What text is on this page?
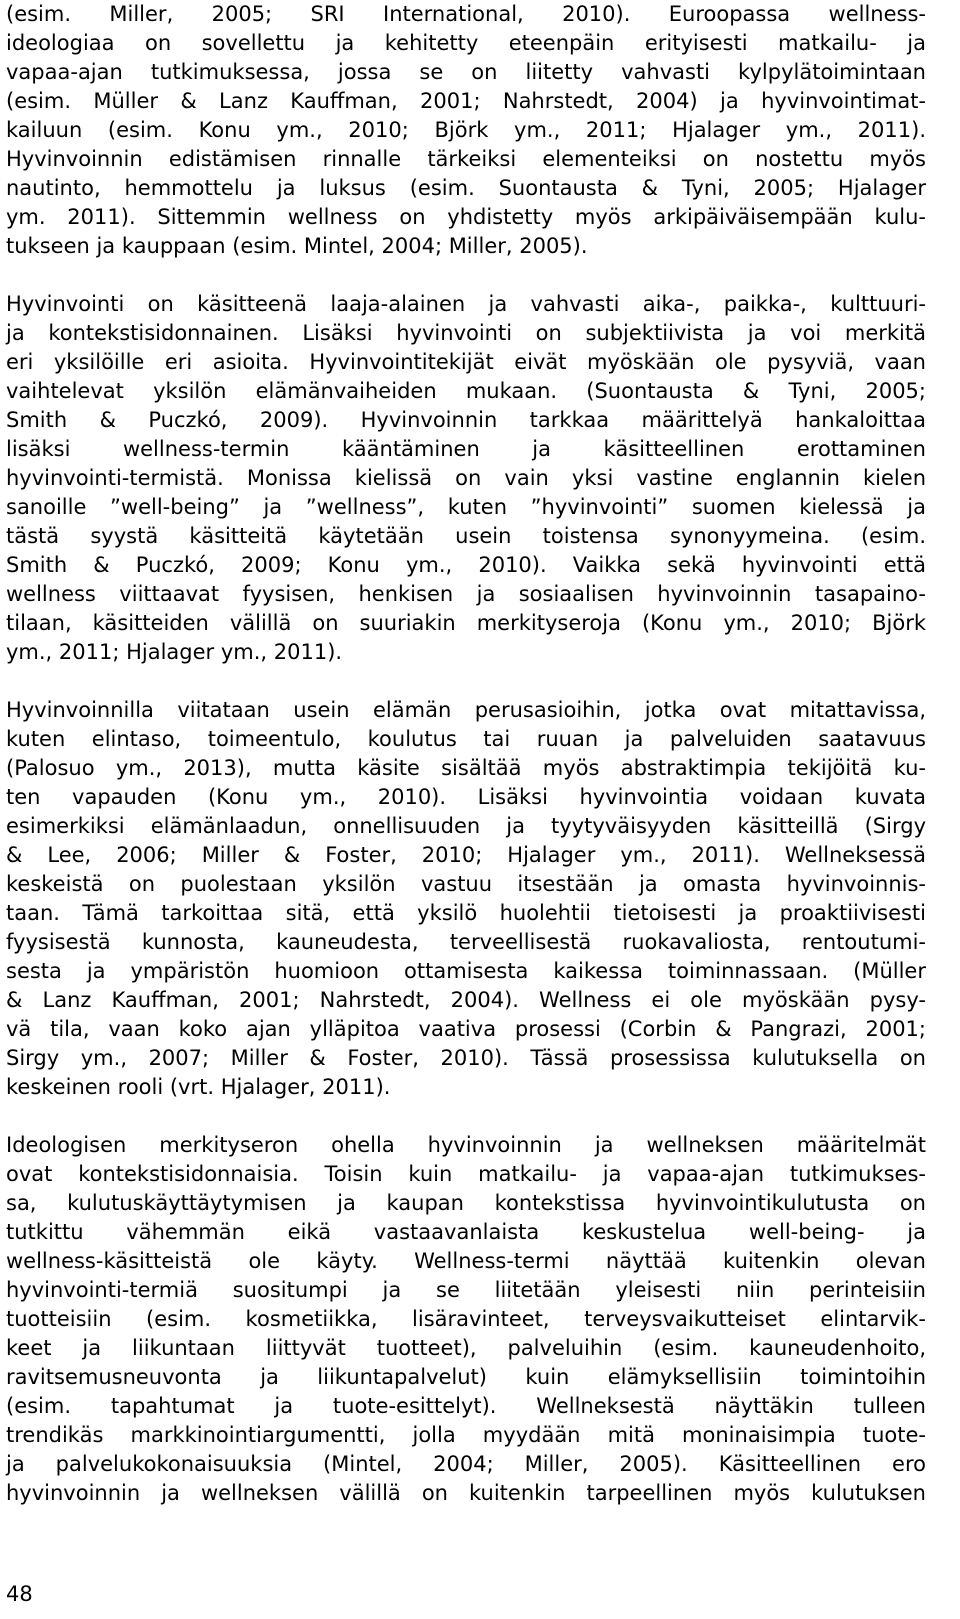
(esim. Miller, 2005; SRI International, 2010). Euroopassa wellness-
ideologiaa on sovellettu ja kehitetty eteenpäin erityisesti matkailu- ja
vapaa-ajan tutkimuksessa, jossa se on liitetty vahvasti kylpylätoimintaan
(esim. Müller & Lanz Kauffman, 2001; Nahrstedt, 2004) ja hyvinvointimat-
kailuun (esim. Konu ym., 2010; Björk ym., 2011; Hjalager ym., 2011).
Hyvinvoinnin edistämisen rinnalle tärkeiksi elementeiksi on nostettu myös
nautinto, hemmottelu ja luksus (esim. Suontausta & Tyni, 2005; Hjalager
ym. 2011). Sittemmin wellness on yhdistetty myös arkipäiväisempään kulu-
tukseen ja kauppaan (esim. Mintel, 2004; Miller, 2005).
Hyvinvointi on käsitteenä laaja-alainen ja vahvasti aika-, paikka-, kulttuuri-
ja kontekstisidonnainen. Lisäksi hyvinvointi on subjektiivista ja voi merkitä
eri yksilöille eri asioita. Hyvinvointitekijät eivät myöskään ole pysyviä, vaan
vaihtelevat yksilön elämänvaiheiden mukaan. (Suontausta & Tyni, 2005;
Smith & Puczkó, 2009). Hyvinvoinnin tarkkaa määrittelyä hankaloittaa
lisäksi wellness-termin kääntäminen ja käsitteellinen erottaminen
hyvinvointi-termistä. Monissa kielissä on vain yksi vastine englannin kielen
sanoille ”well-being” ja ”wellness”, kuten ”hyvinvointi” suomen kielessä ja
tästä syystä käsitteitä käytetään usein toistensa synonyymeina. (esim.
Smith & Puczkó, 2009; Konu ym., 2010). Vaikka sekä hyvinvointi että
wellness viittaavat fyysisen, henkisen ja sosiaalisen hyvinvoinnin tasapaino-
tilaan, käsitteiden välillä on suuriakin merkityseroja (Konu ym., 2010; Björk
ym., 2011; Hjalager ym., 2011).
Hyvinvoinnilla viitataan usein elämän perusasioihin, jotka ovat mitattavissa,
kuten elintaso, toimeentulo, koulutus tai ruuan ja palveluiden saatavuus
(Palosuo ym., 2013), mutta käsite sisältää myös abstraktimpia tekijöitä ku-
ten vapauden (Konu ym., 2010). Lisäksi hyvinvointia voidaan kuvata
esimerkiksi elämänlaadun, onnellisuuden ja tyytyväisyyden käsitteillä (Sirgy
& Lee, 2006; Miller & Foster, 2010; Hjalager ym., 2011). Wellneksessä
keskeistä on puolestaan yksilön vastuu itsestään ja omasta hyvinvoinnis-
taan. Tämä tarkoittaa sitä, että yksilö huolehtii tietoisesti ja proaktiivisesti
fyysisestä kunnosta, kauneudesta, terveellisestä ruokavaliosta, rentoutumi-
sesta ja ympäristön huomioon ottamisesta kaikessa toiminnassaan. (Müller
& Lanz Kauffman, 2001; Nahrstedt, 2004). Wellness ei ole myöskään pysy-
vä tila, vaan koko ajan ylläpitoa vaativa prosessi (Corbin & Pangrazi, 2001;
Sirgy ym., 2007; Miller & Foster, 2010). Tässä prosessissa kulutuksella on
keskeinen rooli (vrt. Hjalager, 2011).
Ideologisen merkityseron ohella hyvinvoinnin ja wellneksen määritelmät
ovat kontekstisidonnaisia. Toisin kuin matkailu- ja vapaa-ajan tutkimukses-
sa, kulutuskäyttäytymisen ja kaupan kontekstissa hyvinvointikulutusta on
tutkittu vähemmän eikä vastaavanlaista keskustelua well-being- ja
wellness-käsitteistä ole käyty. Wellness-termi näyttää kuitenkin olevan
hyvinvointi-termiä suositumpi ja se liitetään yleisesti niin perinteisiin
tuotteisiin (esim. kosmetiikka, lisäravinteet, terveysvaikutteiset elintarvik-
keet ja liikuntaan liittyvät tuotteet), palveluihin (esim. kauneudenhoito,
ravitsemusneuvonta ja liikuntapalvelut) kuin elämyksellisiin toimintoihin
(esim. tapahtumat ja tuote-esittelyt). Wellneksestä näyttäkin tulleen
trendikäs markkinointiargumentti, jolla myydään mitä moninaisimpia tuote-
ja palvelukokonaisuuksia (Mintel, 2004; Miller, 2005). Käsitteellinen ero
hyvinvoinnin ja wellneksen välillä on kuitenkin tarpeellinen myös kulutuksen
48
